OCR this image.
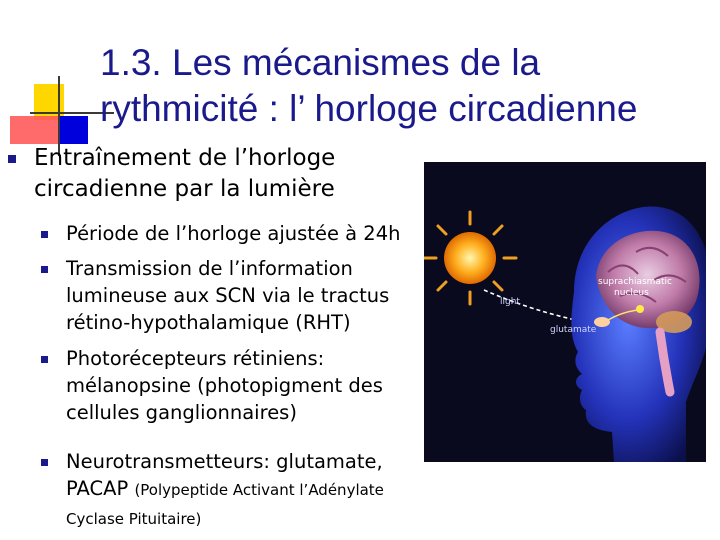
1.3. Les mécanismes de la
rythmicité : l’ horloge circadienne
Entraînement de l’horloge
circadienne par la lumière
Période de l’horloge ajustée à 24h
Transmission de l’information lumineuse aux SCN via le tractus rétino-hypothalamique (RHT)
Photorécepteurs rétiniens: mélanopsine (photopigment des cellules ganglionnaires)
Neurotransmetteurs: glutamate, PACAP (Polypeptide Activant l’Adénylate Cyclase Pituitaire)
light
suprachiasmatic
nucleus
glutamate
